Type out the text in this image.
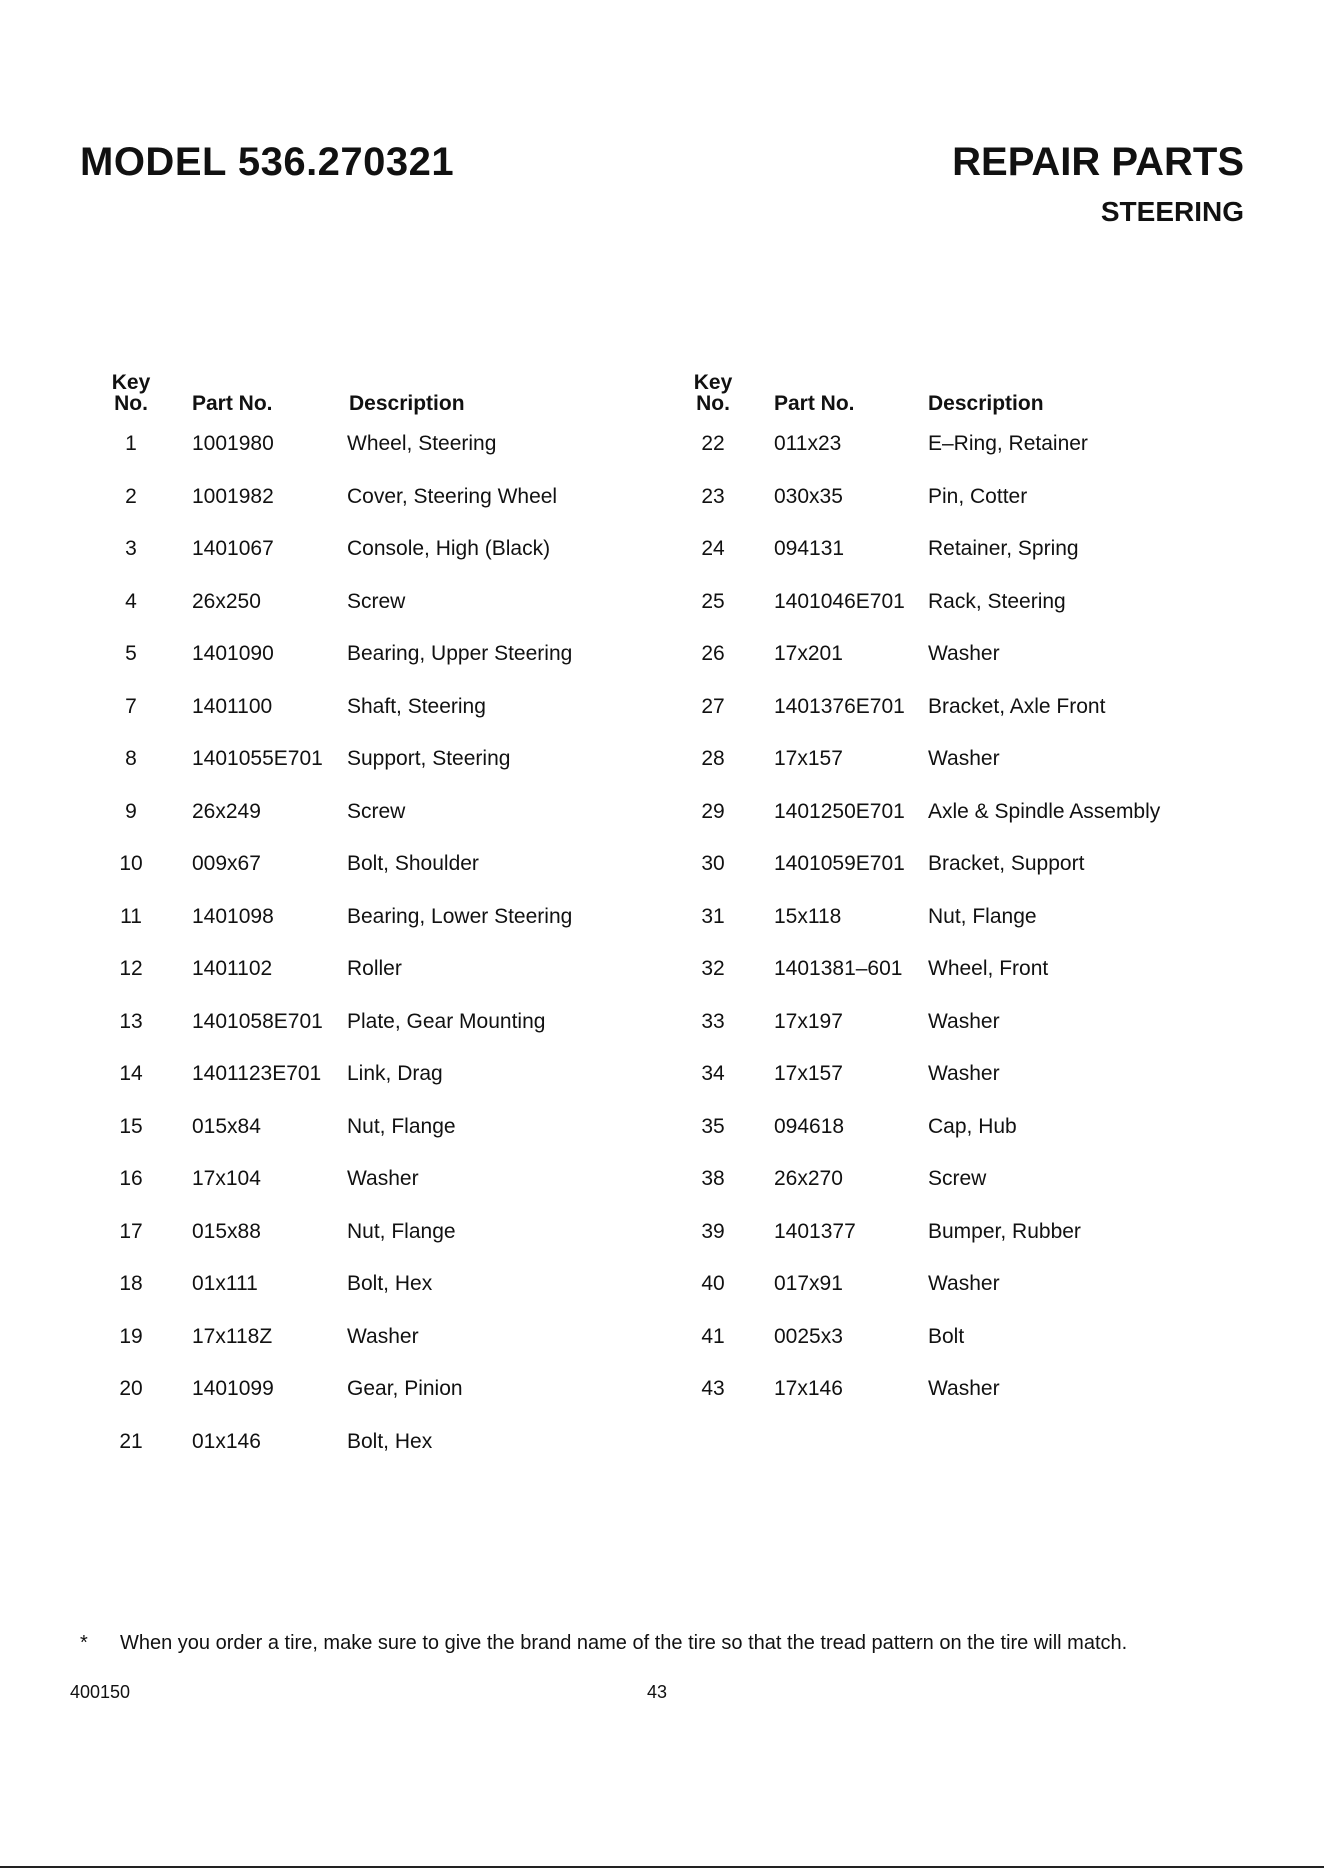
MODEL 536.270321	REPAIR PARTS
STEERING
Key
No.	Part No.	Description
Key
No.	Part No.	Description
1	1001980	Wheel, Steering
2	1001982	Cover, Steering Wheel
3	1401067	Console, High (Black)
4	26x250	Screw
5	1401090	Bearing, Upper Steering
7	1401100	Shaft, Steering
8	1401055E701 Support, Steering
9	26x249	Screw
10	009x67	Bolt, Shoulder
11	1401098	Bearing, Lower Steering
12	1401102	Roller
13	1401058E701 Plate, Gear Mounting
14	1401123E701 Link, Drag
15	015x84	Nut, Flange
16	17x104	Washer
17	015x88	Nut, Flange
18	01x111	Bolt, Hex
19	17x118Z	Washer
20	1401099	Gear, Pinion
21	01x146	Bolt, Hex
22	011x23	E–Ring, Retainer
23	030x35	Pin, Cotter
24	094131	Retainer, Spring
25	1401046E701 Rack, Steering
26	17x201	Washer
27	1401376E701 Bracket, Axle Front
28	17x157	Washer
29	1401250E701 Axle & Spindle Assembly
30	1401059E701 Bracket, Support
31	15x118	Nut, Flange
32	1401381–601 Wheel, Front
33	17x197	Washer
34	17x157	Washer
35	094618	Cap, Hub
38	26x270	Screw
39	1401377	Bumper, Rubber
40	017x91	Washer
41	0025x3	Bolt
43	17x146	Washer
* When you order a tire, make sure to give the brand name of the tire so that the tread pattern on the tire will match.
400150	43
